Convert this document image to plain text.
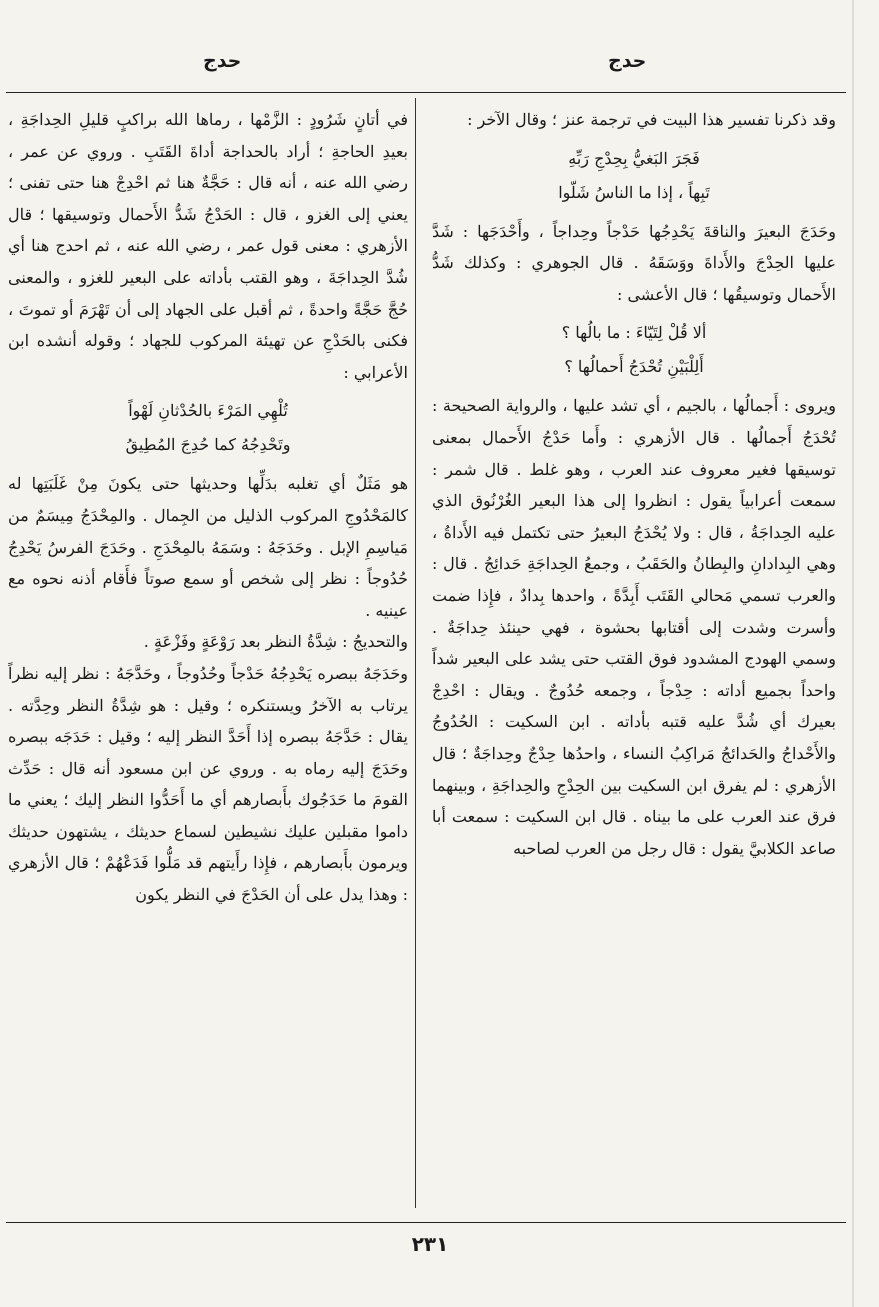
حدج
حدج

وقد ذكرنا تفسير هذا البيت في ترجمة عنز ؛ وقال الآخر :

فَجَرَ البَغيُّ بِحِدْجِ رَبِّهِ
تَبِهاً ، إذا ما الناسُ شَلّوا

وحَدَجَ البعيرَ والناقةَ يَحْدِجُها حَدْجاً وحِداجاً ، وأَحْدَجَها : شَدَّ عليها الحِدْجَ والأَداةَ ووَسَقَهُ . قال الجوهري : وكذلك شَدُّ الأَحمال وتوسيقُها ؛ قال الأعشى :

ألا قُلْ لِتَيّاءَ : ما بالُها ؟
أَلِلْبَيْنِ تُحْدَجُ أَحمالُها ؟

ويروى : أَجمالُها ، بالجيم ، أي تشد عليها ، والرواية الصحيحة : تُحْدَجُ أَجمالُها . قال الأزهري : وأَما حَدْجُ الأَحمال بمعنى توسيقها فغير معروف عند العرب ، وهو غلط . قال شمر : سمعت أعرابياً يقول : انظروا إلى هذا البعير الغُرْنُوق الذي عليه الحِداجَةُ ، قال : ولا يُحْدَجُ البعيرُ حتى تكتمل فيه الأَداةُ ، وهي البِدادانِ والبِطانُ والحَقَبُ ، وجمعُ الحِداجَةِ حَدائِجُ . قال : والعرب تسمي مَحالي القَتَب أَبِدَّةً ، واحدها بِدادٌ ، فإِذا ضمت وأسرت وشدت إلى أقتابها بحشوة ، فهي حينئذ حِداجَةٌ . وسمي الهودج المشدود فوق القتب حتى يشد على البعير شداً واحداً بجميع أداته : حِدْجاً ، وجمعه حُدُوجٌ . ويقال : احْدِجْ بعيرك أي شُدَّ عليه قتبه بأداته . ابن السكيت : الحُدُوجُ والأَحْداجُ والحَدائجُ مَراكِبُ النساء ، واحدُها حِدْجٌ وحِداجَةٌ ؛ قال الأزهري : لم يفرق ابن السكيت بين الحِدْجِ والحِداجَةِ ، وبينهما فرق عند العرب على ما بيناه . قال ابن السكيت : سمعت أبا صاعد الكلابيَّ يقول : قال رجل من العرب لصاحبه

في أتانٍ شَرُودٍ : الزَّمْها ، رماها الله براكبٍ قليلِ الحِداجَةِ ، بعيدِ الحاجةِ ؛ أراد بالحداجة أداةَ القَتَبِ . وروي عن عمر ، رضي الله عنه ، أنه قال : حَجَّةٌ هنا ثم احْدِجْ هنا حتى تفنى ؛ يعني إلى الغزو ، قال : الحَدْجُ شَدُّ الأَحمال وتوسيقها ؛ قال الأزهري : معنى قول عمر ، رضي الله عنه ، ثم احدج هنا أي شُدَّ الحِداجَةَ ، وهو القتب بأداته على البعير للغزو ، والمعنى حُجَّ حَجَّةً واحدةً ، ثم أقبل على الجهاد إلى أن تَهْرَمَ أو تموتَ ، فكنى بالحَدْجِ عن تهيئة المركوب للجهاد ؛ وقوله أنشده ابن الأعرابي :

تُلْهِي المَرْءَ بالحُدْثانِ لَهْواً
وتَحْدِجُهُ كما حُدِجَ المُطِيقُ

هو مَثَلٌ أي تغلبه بدَلِّها وحديثها حتى يكونَ مِنْ غَلَبَتِها له كالمَحْدُوجِ المركوب الذليل من الجِمال . والمِحْدَجُ مِيسَمٌ من مَياسِمِ الإبل . وحَدَجَهُ : وسَمَهُ بالمِحْدَجِ . وحَدَجَ الفرسُ يَحْدِجُ حُدُوجاً : نظر إلى شخص أو سمع صوتاً فأَقام أذنه نحوه مع عينيه .

والتحديجُ : شِدَّةُ النظر بعد رَوْعَةٍ وفَزْعَةٍ .

وحَدَجَهُ ببصره يَحْدِجُهُ حَدْجاً وحُدُوجاً ، وحَدَّجَهُ : نظر إليه نظراً يرتاب به الآخرُ ويستنكره ؛ وقيل : هو شِدَّةُ النظر وحِدَّته . يقال : حَدَّجَهُ ببصره إذا أَحَدَّ النظر إليه ؛ وقيل : حَدَجَه ببصره وحَدَجَ إليه رماه به . وروي عن ابن مسعود أنه قال : حَدِّث القومَ ما حَدَجُوك بأَبصارهم أي ما أَحَدُّوا النظر إليك ؛ يعني ما داموا مقبلين عليك نشيطين لسماع حديثك ، يشتهون حديثك ويرمون بأَبصارهم ، فإِذا رأَيتهم قد مَلُّوا فَدَعْهُمْ ؛ قال الأزهري : وهذا يدل على أن الحَدْجَ في النظر يكون

٢٣١
